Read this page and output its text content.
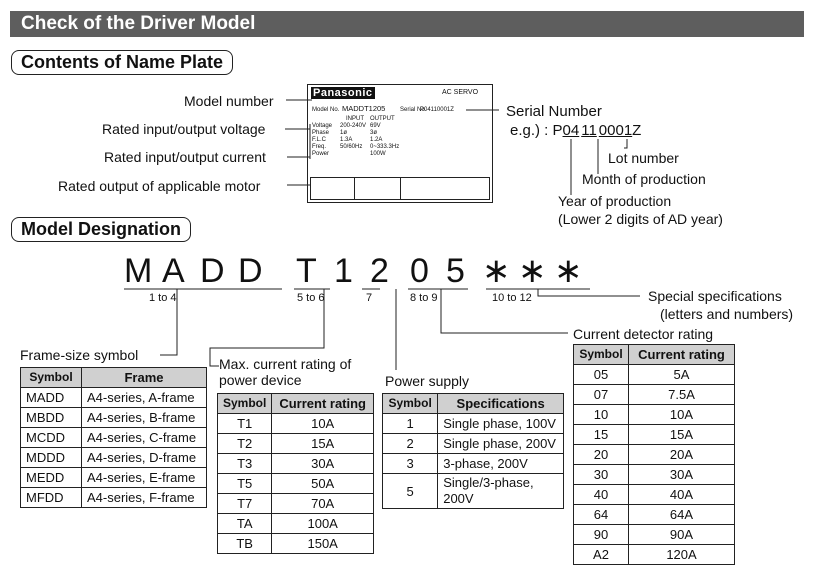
Check of the Driver Model
Contents of Name Plate
Model number
Rated input/output voltage
Rated input/output current
Rated output of applicable motor
Panasonic	AC SERVO
Model No. MADDT1205 Serial No.
P04110001Z
INPUT OUTPUT
Voltage 200-240V 69V
Phase 1ø	3ø
F.L.C 1.3A	1.2A
Freq. 50/60Hz 0~333.3Hz
Power	100W
Serial Number
e.g.) : P04 11 0001Z
Lot number
Month of production
Year of production
(Lower 2 digits of AD year)
Model Designation
M A D D T 1 2 0 5 ∗ ∗ ∗
1 to 4	5 to 6	7	8 to 9	10 to 12	Special specifications
(letters and numbers)
Current detector rating
Frame-size symbol
Max. current rating of
power device	Power supply
Symbol	Frame
MADD	A4-series, A-frame
MBDD	A4-series, B-frame
MCDD	A4-series, C-frame
MDDD	A4-series, D-frame
MEDD	A4-series, E-frame
MFDD	A4-series, F-frame
Symbol	Current rating
T1	10A
T2	15A
T3	30A
T5	50A
T7	70A
TA	100A
TB	150A
Symbol	Specifications
1	Single phase, 100V
2	Single phase, 200V
3	3-phase, 200V
5	Single/3-phase, 200V
Symbol	Current rating
05	5A
07	7.5A
10	10A
15	15A
20	20A
30	30A
40	40A
64	64A
90	90A
A2	120A
